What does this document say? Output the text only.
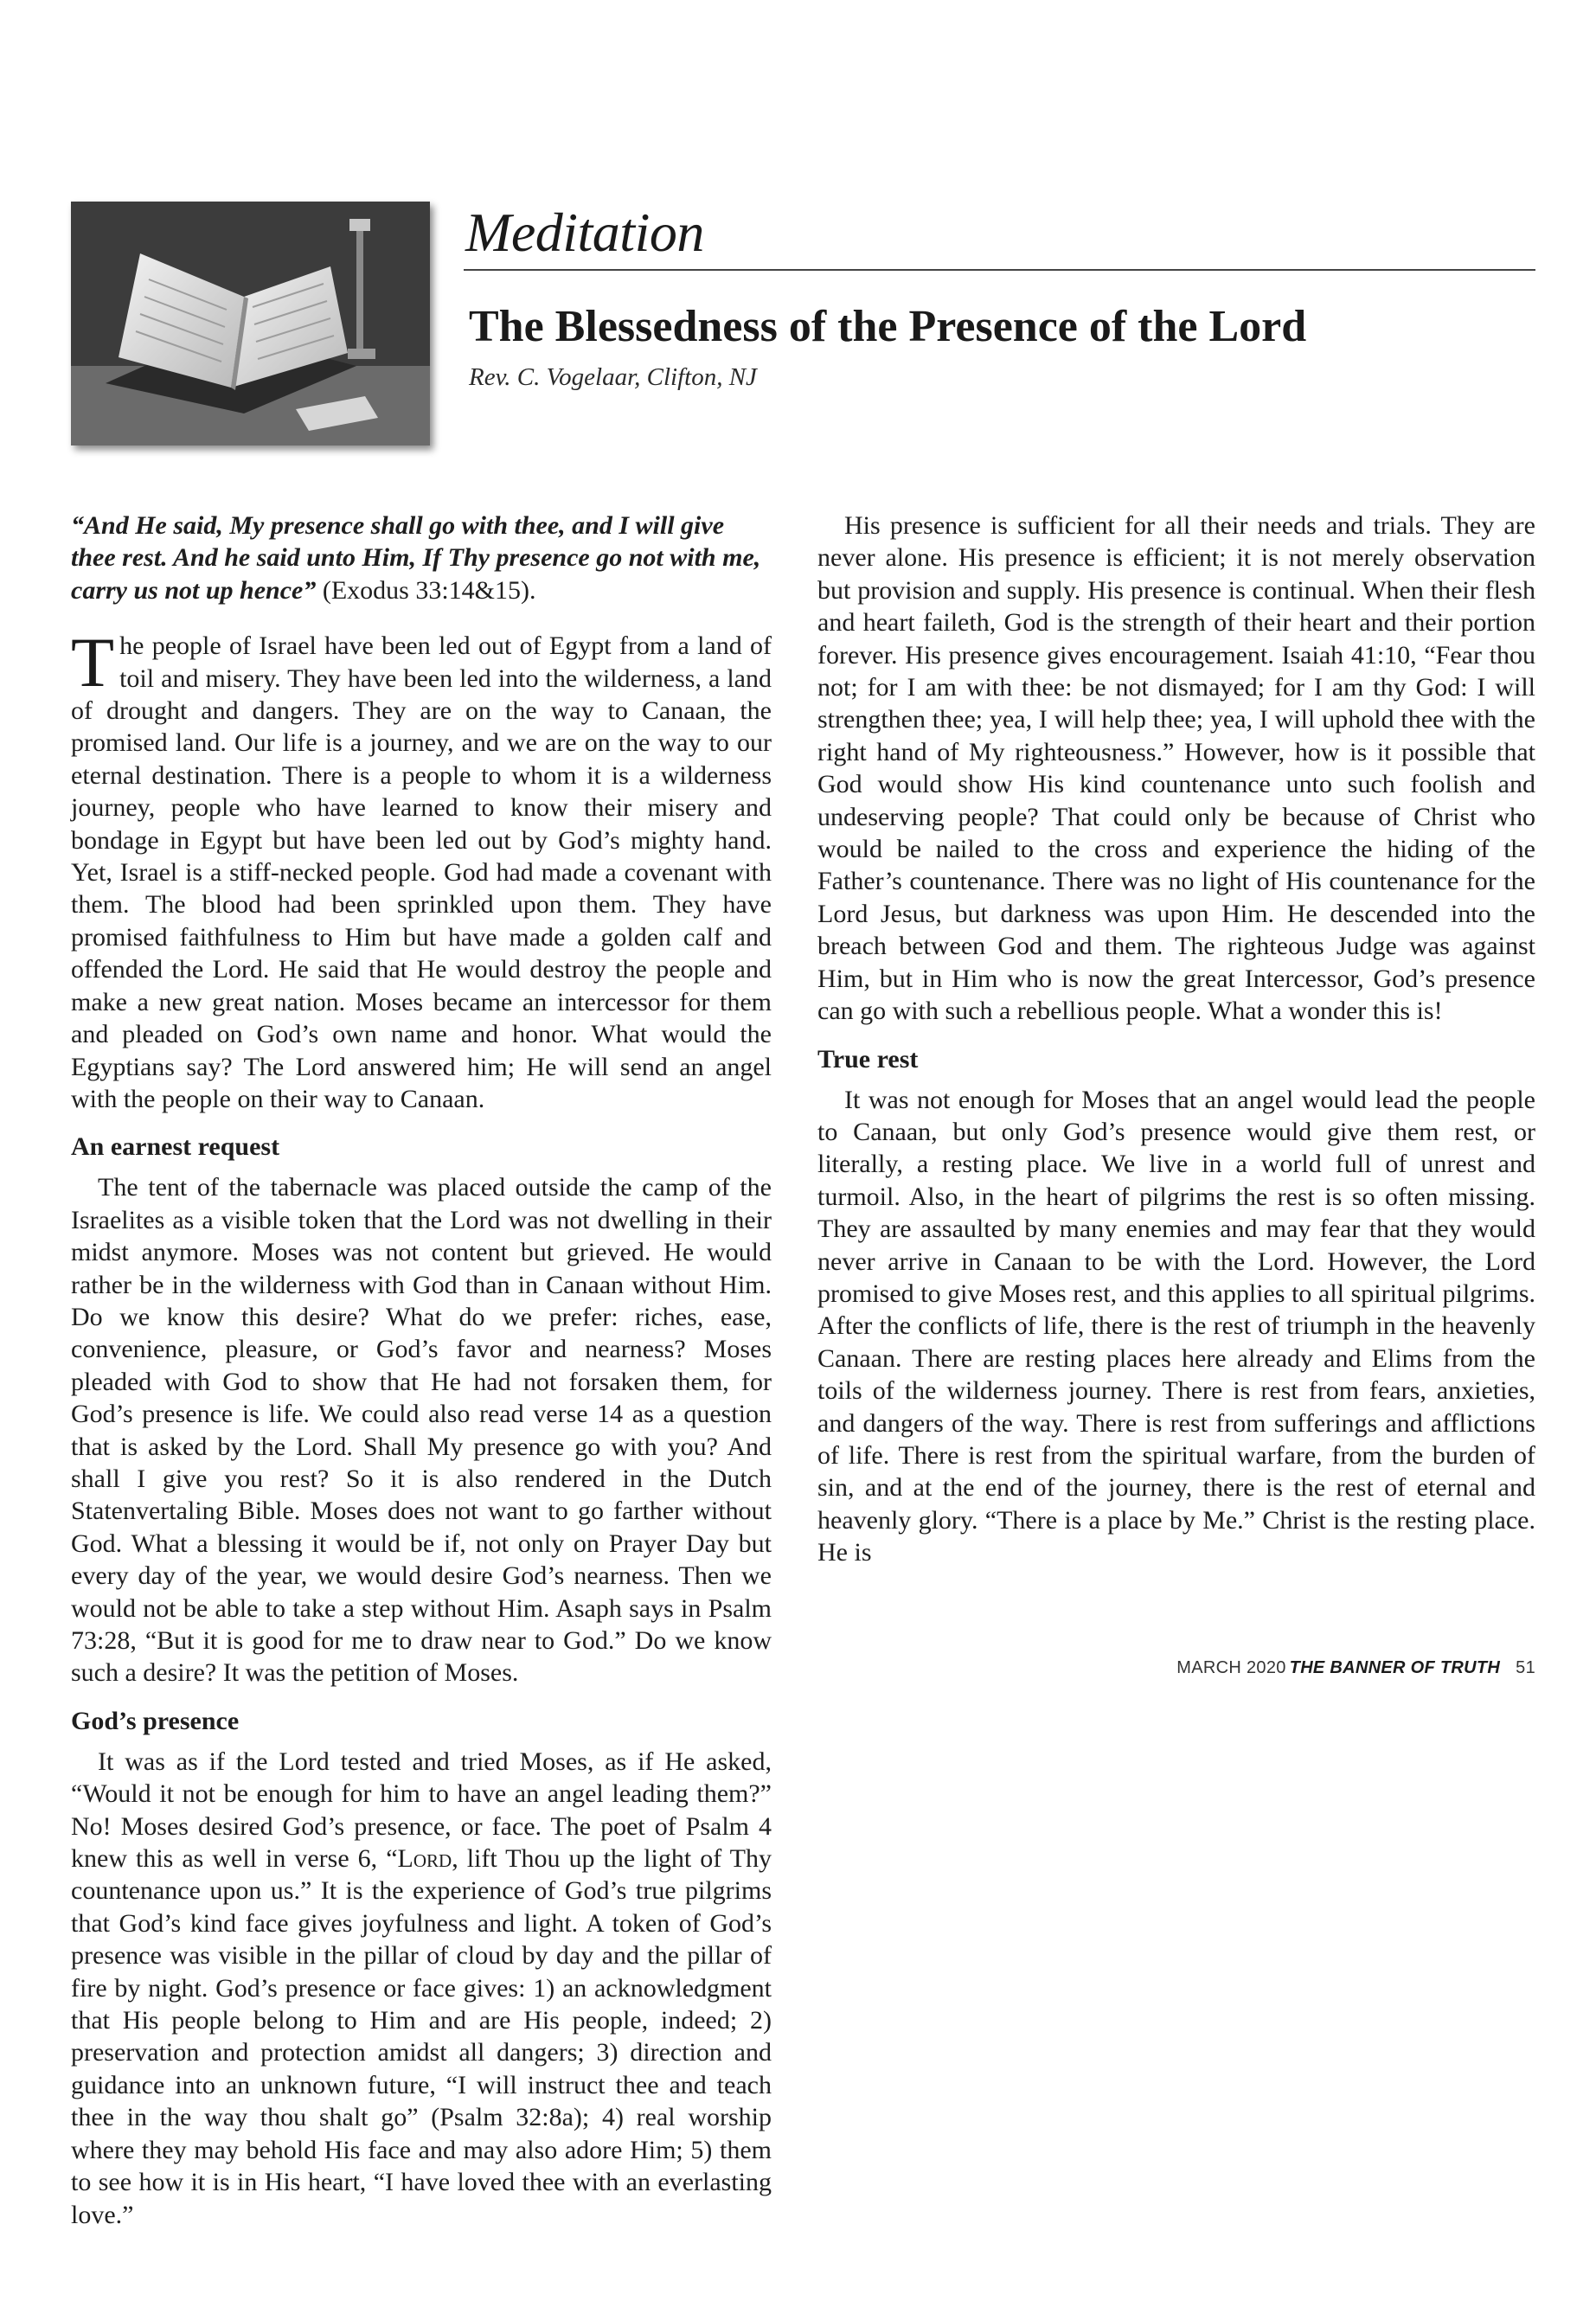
Meditation
The Blessedness of the Presence of the Lord
Rev. C. Vogelaar, Clifton, NJ
“And He said, My presence shall go with thee, and I will give thee rest. And he said unto Him, If Thy presence go not with me, carry us not up hence” (Exodus 33:14&15).

The people of Israel have been led out of Egypt from a land of toil and misery. They have been led into the wilderness, a land of drought and dangers. They are on the way to Canaan, the promised land. Our life is a journey, and we are on the way to our eternal destination. There is a people to whom it is a wilderness journey, people who have learned to know their misery and bondage in Egypt but have been led out by God’s mighty hand. Yet, Israel is a stiff-necked people. God had made a covenant with them. The blood had been sprinkled upon them. They have promised faithfulness to Him but have made a golden calf and offended the Lord. He said that He would destroy the people and make a new great nation. Moses became an intercessor for them and pleaded on God’s own name and honor. What would the Egyptians say? The Lord answered him; He will send an angel with the people on their way to Canaan.

An earnest request

The tent of the tabernacle was placed outside the camp of the Israelites as a visible token that the Lord was not dwelling in their midst anymore. Moses was not content but grieved. He would rather be in the wilderness with God than in Canaan without Him. Do we know this desire? What do we prefer: riches, ease, convenience, pleasure, or God’s favor and nearness? Moses pleaded with God to show that He had not forsaken them, for God’s presence is life. We could also read verse 14 as a question that is asked by the Lord. Shall My presence go with you? And shall I give you rest? So it is also rendered in the Dutch Statenvertaling Bible. Moses does not want to go farther without God. What a blessing it would be if, not only on Prayer Day but every day of the year, we would desire God’s nearness. Then we would not be able to take a step without Him. Asaph says in Psalm 73:28, “But it is good for me to draw near to God.” Do we know such a desire? It was the petition of Moses.

God’s presence

It was as if the Lord tested and tried Moses, as if He asked, “Would it not be enough for him to have an angel leading them?” No! Moses desired God’s presence, or face. The poet of Psalm 4 knew this as well in verse 6, “Lord, lift Thou up the light of Thy countenance upon us.” It is the experience of God’s true pilgrims that God’s kind face gives joyfulness and light. A token of God’s presence was visible in the pillar of cloud by day and the pillar of fire by night. God’s presence or face gives: 1) an acknowledgment that His people belong to Him and are His people, indeed; 2) preservation and protection amidst all dangers; 3) direction and guidance into an unknown future, “I will instruct thee and teach thee in the way thou shalt go” (Psalm 32:8a); 4) real worship where they may behold His face and may also adore Him; 5) them to see how it is in His heart, “I have loved thee with an everlasting love.”

His presence is sufficient for all their needs and trials. They are never alone. His presence is efficient; it is not merely observation but provision and supply. His presence is continual. When their flesh and heart faileth, God is the strength of their heart and their portion forever. His presence gives encouragement. Isaiah 41:10, “Fear thou not; for I am with thee: be not dismayed; for I am thy God: I will strengthen thee; yea, I will help thee; yea, I will uphold thee with the right hand of My righteousness.” However, how is it possible that God would show His kind countenance unto such foolish and undeserving people? That could only be because of Christ who would be nailed to the cross and experience the hiding of the Father’s countenance. There was no light of His countenance for the Lord Jesus, but darkness was upon Him. He descended into the breach between God and them. The righteous Judge was against Him, but in Him who is now the great Intercessor, God’s presence can go with such a rebellious people. What a wonder this is!

True rest

It was not enough for Moses that an angel would lead the people to Canaan, but only God’s presence would give them rest, or literally, a resting place. We live in a world full of unrest and turmoil. Also, in the heart of pilgrims the rest is so often missing. They are assaulted by many enemies and may fear that they would never arrive in Canaan to be with the Lord. However, the Lord promised to give Moses rest, and this applies to all spiritual pilgrims. After the conflicts of life, there is the rest of triumph in the heavenly Canaan. There are resting places here already and Elims from the toils of the wilderness journey. There is rest from fears, anxieties, and dangers of the way. There is rest from sufferings and afflictions of life. There is rest from the spiritual warfare, from the burden of sin, and at the end of the journey, there is the rest of eternal and heavenly glory. “There is a place by Me.” Christ is the resting place. He is

MARCH 2020 THE BANNER OF TRUTH 51
